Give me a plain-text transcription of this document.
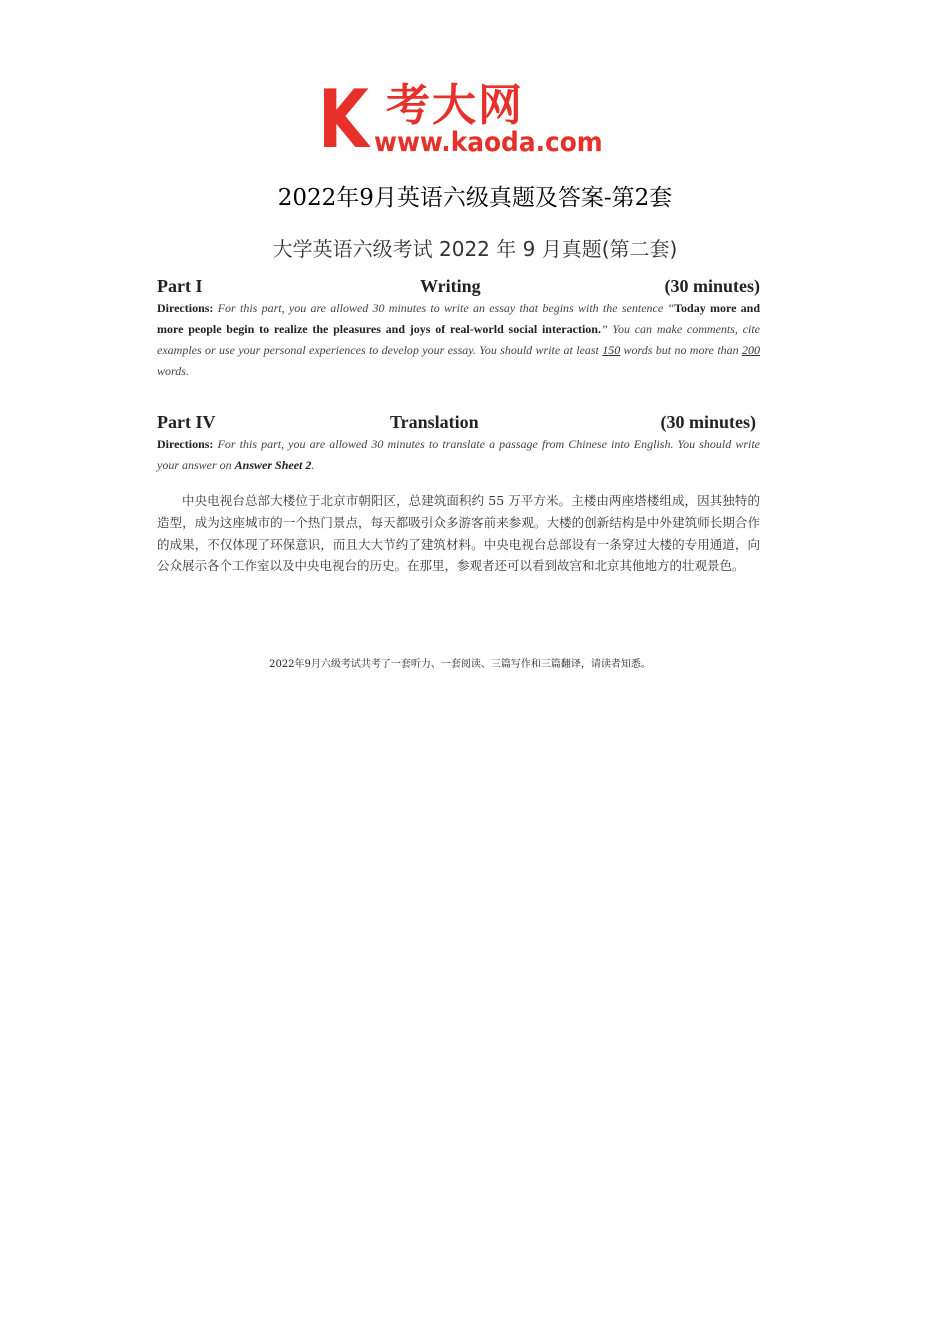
K 考大网
www.kaoda.com
2022年9月英语六级真题及答案-第2套
大学英语六级考试 2022 年 9 月真题(第二套)
Part I	Writing	(30 minutes)
Directions: For this part, you are allowed 30 minutes to write an essay that begins with the sentence “Today more and more people begin to realize the pleasures and joys of real-world social interaction.” You can make comments, cite examples or use your personal experiences to develop your essay. You should write at least 150 words but no more than 200 words.
Part IV	Translation	(30 minutes)
Directions: For this part, you are allowed 30 minutes to translate a passage from Chinese into English. You should write your answer on Answer Sheet 2.
中央电视台总部大楼位于北京市朝阳区，总建筑面积约 55 万平方米。主楼由两座塔楼组成，因其独特的造型，成为这座城市的一个热门景点，每天都吸引众多游客前来参观。大楼的创新结构是中外建筑师长期合作的成果，不仅体现了环保意识，而且大大节约了建筑材料。中央电视台总部设有一条穿过大楼的专用通道，向公众展示各个工作室以及中央电视台的历史。在那里，参观者还可以看到故宫和北京其他地方的壮观景色。
2022年9月六级考试共考了一套听力、一套阅读、三篇写作和三篇翻译，请读者知悉。
